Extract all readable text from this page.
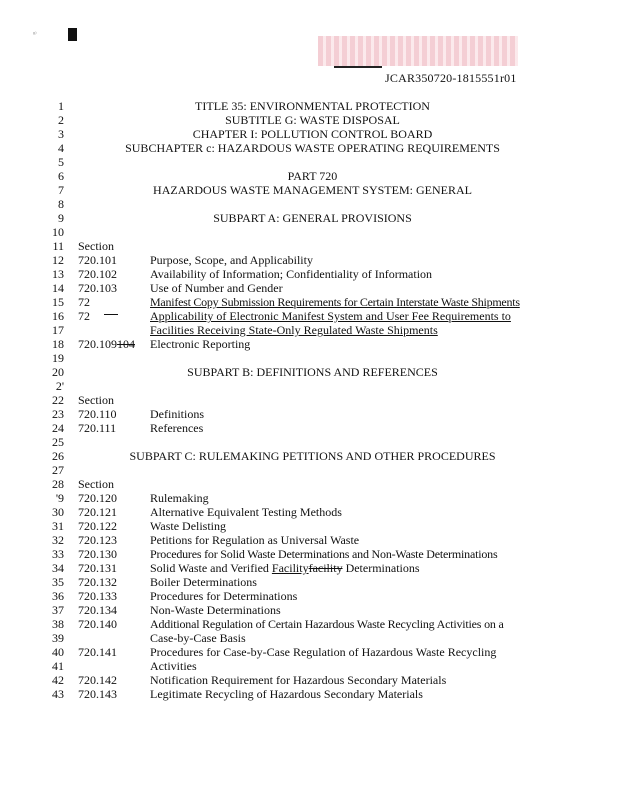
⁸⁾
JCAR350720-1815551r01
1
2
3
4
5
6
7
8
9
10
11
12
13
14
15
16
17
18
19
20
2'
22
23
24
25
26
27
28
'9
30
31
32
33
34
35
36
37
38
39
40
41
42
43
TITLE 35: ENVIRONMENTAL PROTECTION
SUBTITLE G: WASTE DISPOSAL
CHAPTER I: POLLUTION CONTROL BOARD
SUBCHAPTER c: HAZARDOUS WASTE OPERATING REQUIREMENTS
PART 720
HAZARDOUS WASTE MANAGEMENT SYSTEM: GENERAL
SUBPART A: GENERAL PROVISIONS
Section
720.101	Purpose, Scope, and Applicability
720.102	Availability of Information; Confidentiality of Information
720.103	Use of Number and Gender
72	Manifest Copy Submission Requirements for Certain Interstate Waste Shipments
72	Applicability of Electronic Manifest System and User Fee Requirements to
Facilities Receiving State-Only Regulated Waste Shipments
720.109104 Electronic Reporting
SUBPART B: DEFINITIONS AND REFERENCES
Section
720.110	Definitions
720.111	References
SUBPART C: RULEMAKING PETITIONS AND OTHER PROCEDURES
Section
720.120	Rulemaking
720.121	Alternative Equivalent Testing Methods
720.122	Waste Delisting
720.123	Petitions for Regulation as Universal Waste
720.130	Procedures for Solid Waste Determinations and Non-Waste Determinations
720.131	Solid Waste and Verified Facilityfacility Determinations
720.132	Boiler Determinations
720.133	Procedures for Determinations
720.134	Non-Waste Determinations
720.140	Additional Regulation of Certain Hazardous Waste Recycling Activities on a
Case-by-Case Basis
720.141	Procedures for Case-by-Case Regulation of Hazardous Waste Recycling
Activities
720.142	Notification Requirement for Hazardous Secondary Materials
720.143	Legitimate Recycling of Hazardous Secondary Materials
